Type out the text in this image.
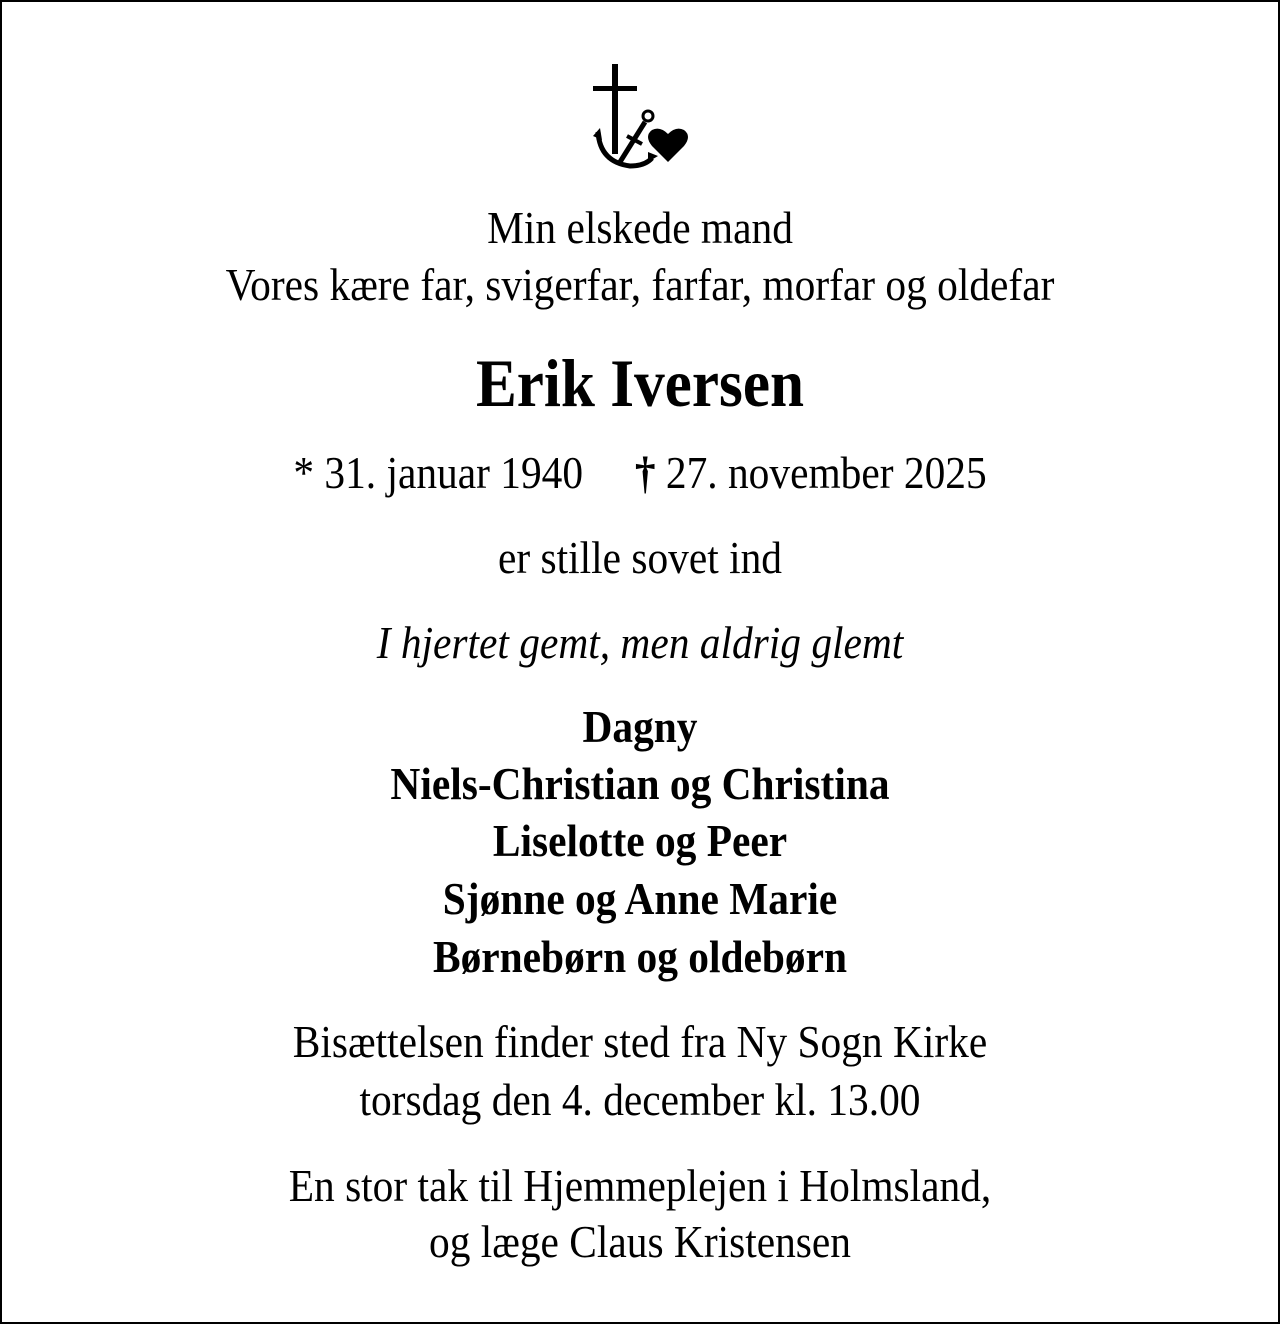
Min elskede mand
Vores kære far, svigerfar, farfar, morfar og oldefar
Erik Iversen
* 31. januar 1940 † 27. november 2025
er stille sovet ind
I hjertet gemt, men aldrig glemt
Dagny
Niels-Christian og Christina
Liselotte og Peer
Sjønne og Anne Marie
Børnebørn og oldebørn
Bisættelsen finder sted fra Ny Sogn Kirke
torsdag den 4. december kl. 13.00
En stor tak til Hjemmeplejen i Holmsland,
og læge Claus Kristensen
